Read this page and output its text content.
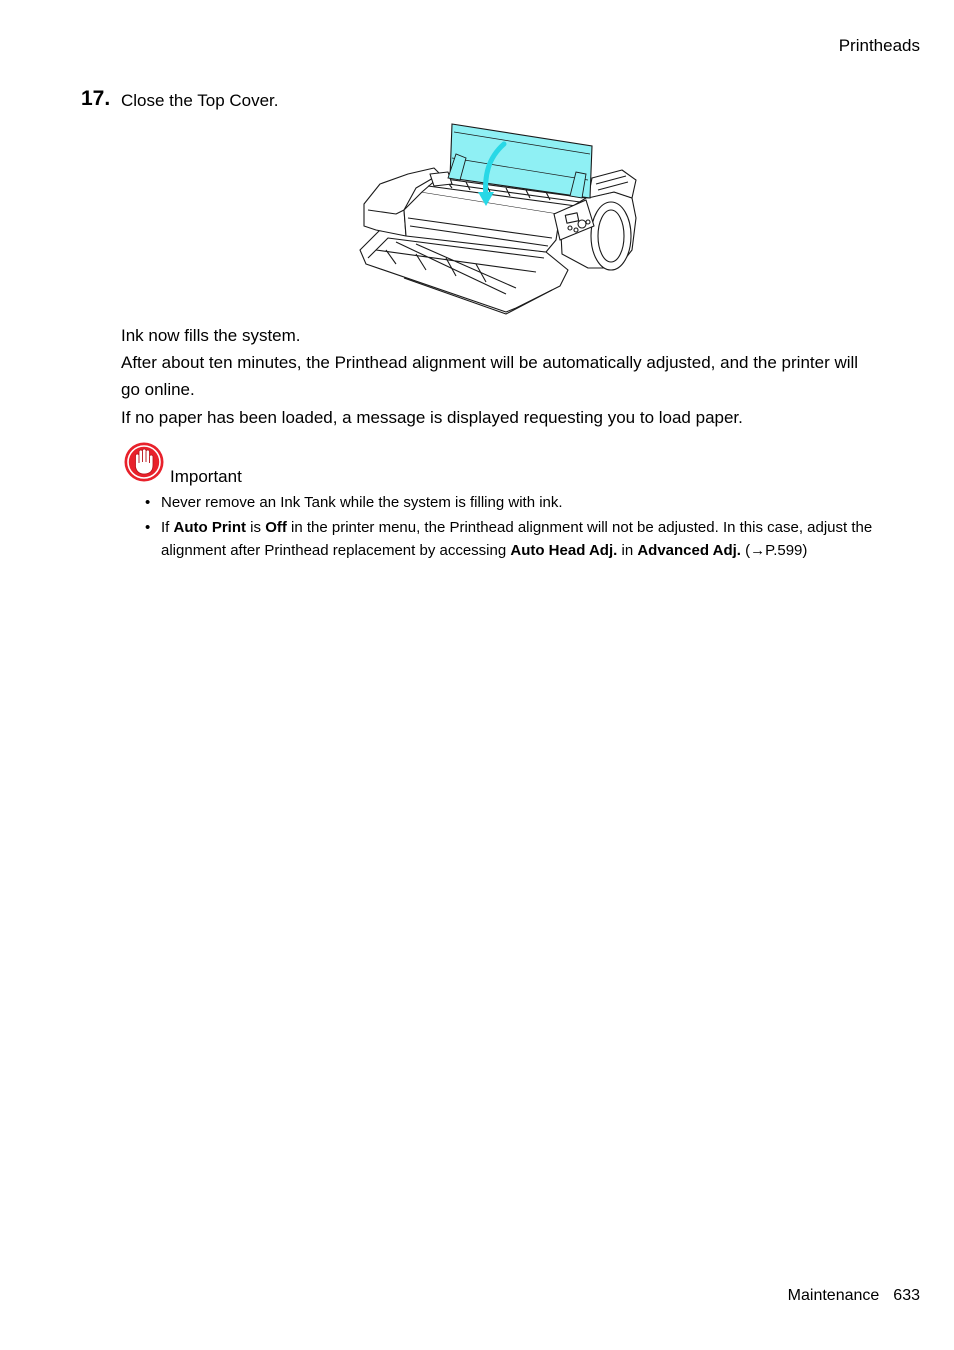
Printheads
17. Close the Top Cover.
Ink now fills the system.
After about ten minutes, the Printhead alignment will be automatically adjusted, and the printer will go online.
If no paper has been loaded, a message is displayed requesting you to load paper.
Important
• Never remove an Ink Tank while the system is filling with ink.
• If Auto Print is Off in the printer menu, the Printhead alignment will not be adjusted. In this case, adjust the alignment after Printhead replacement by accessing Auto Head Adj. in Advanced Adj. (→P.599)
Maintenance 633
